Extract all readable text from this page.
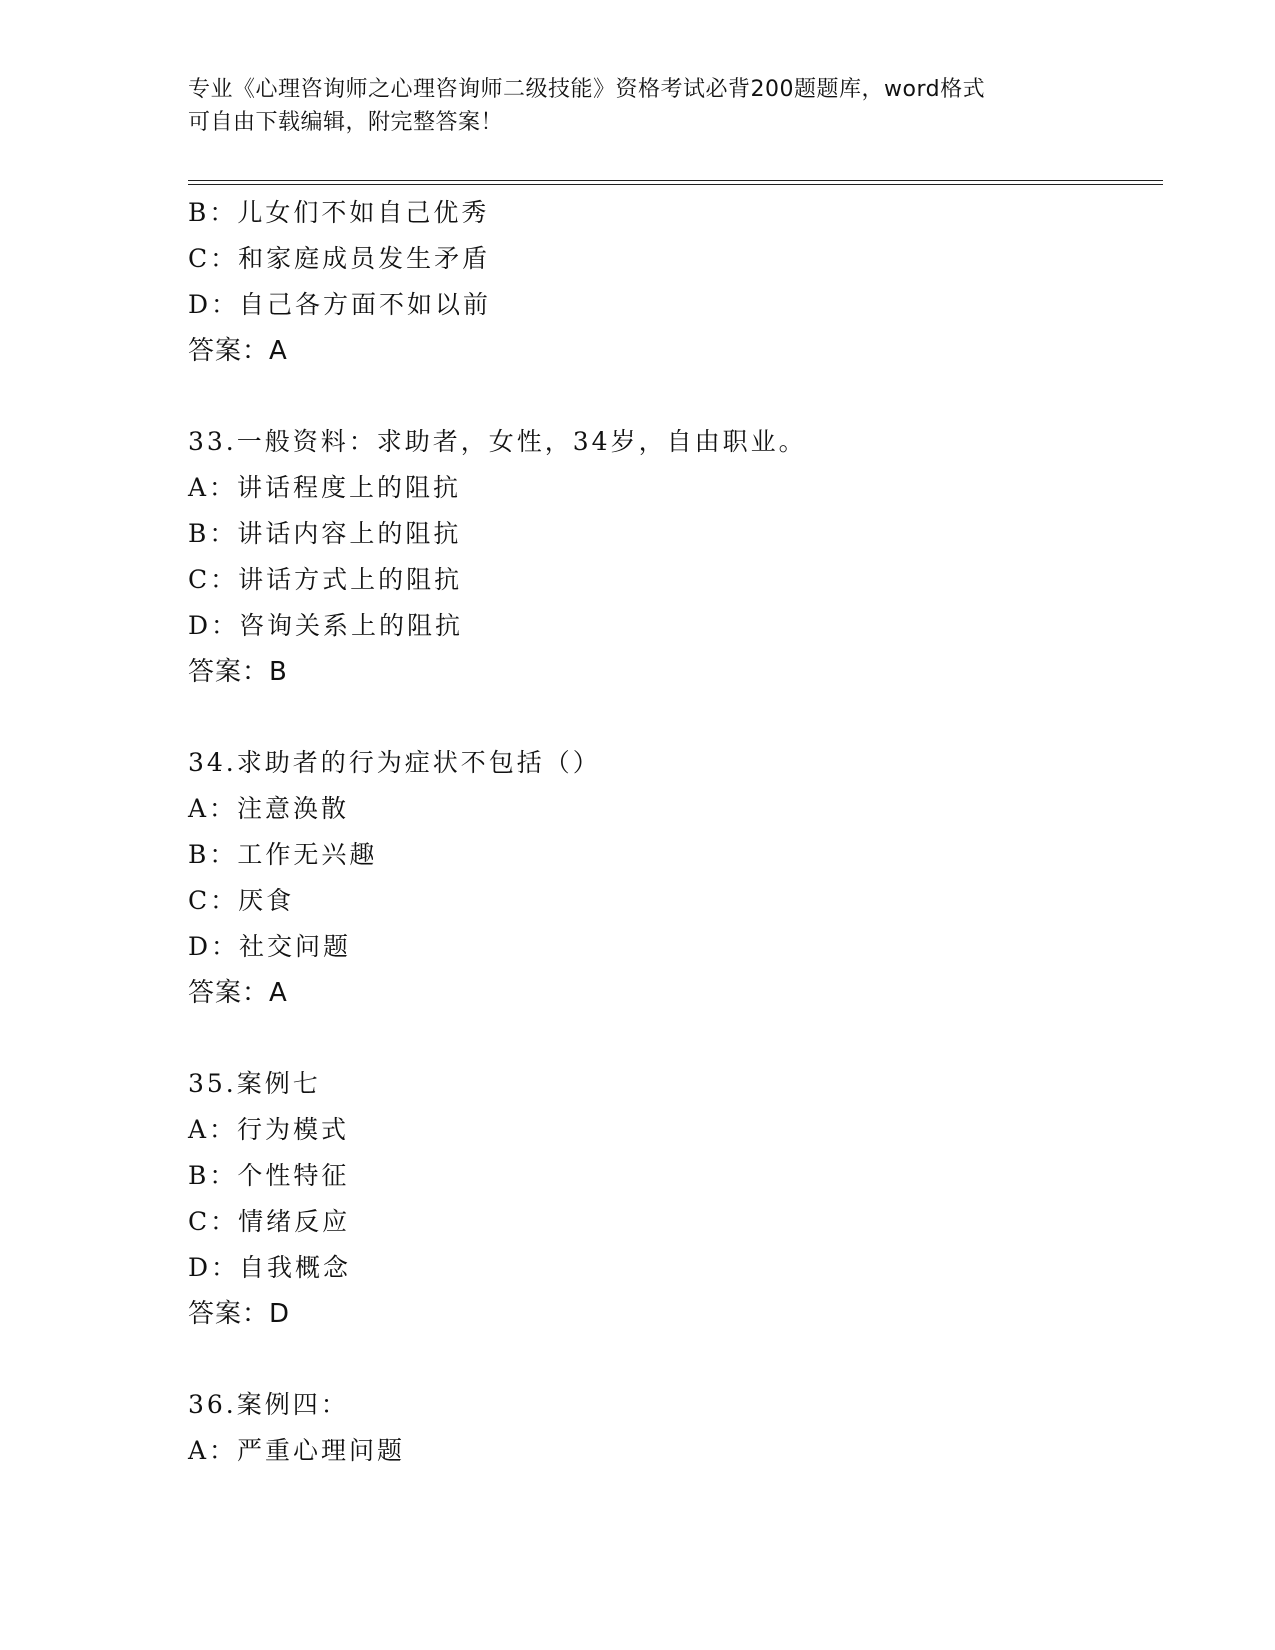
专业《心理咨询师之心理咨询师二级技能》资格考试必背200题题库，word格式
可自由下载编辑，附完整答案！
B：儿女们不如自己优秀
C：和家庭成员发生矛盾
D：自己各方面不如以前
答案：A
33.一般资料：求助者，女性，34岁，自由职业。
A：讲话程度上的阻抗
B：讲话内容上的阻抗
C：讲话方式上的阻抗
D：咨询关系上的阻抗
答案：B
34.求助者的行为症状不包括（）
A：注意涣散
B：工作无兴趣
C：厌食
D：社交问题
答案：A
35.案例七
A：行为模式
B：个性特征
C：情绪反应
D：自我概念
答案：D
36.案例四：
A：严重心理问题
